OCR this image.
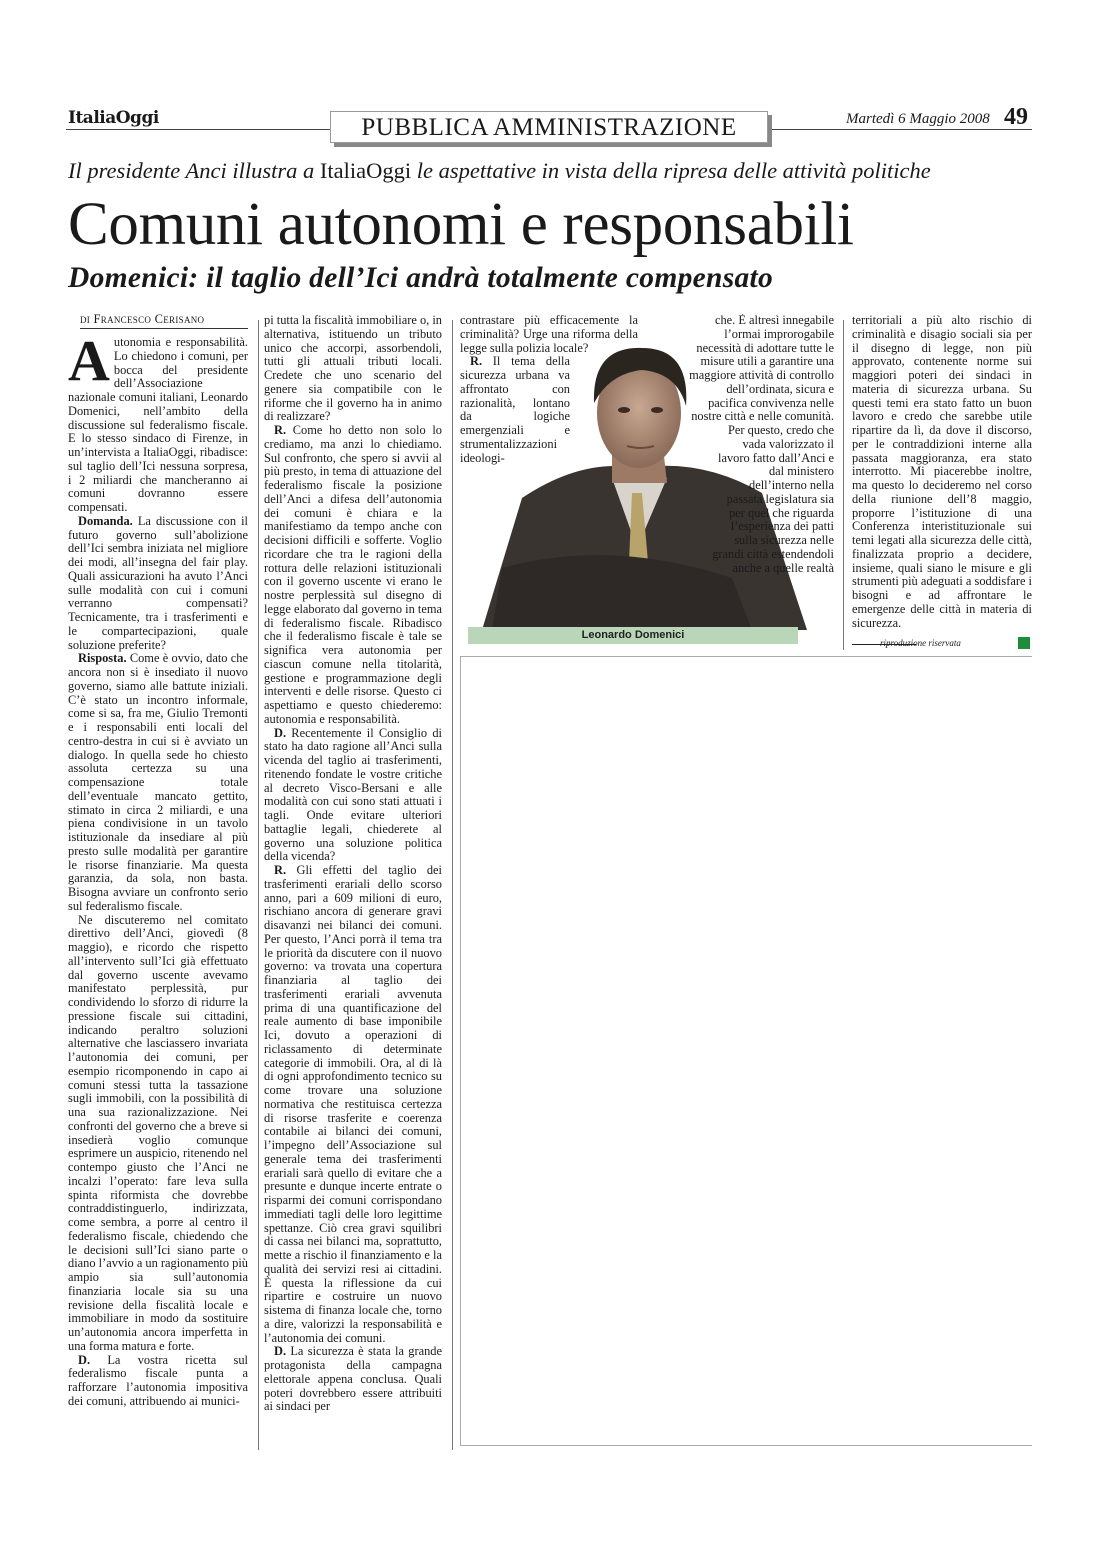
ItaliaOggi	PUBBLICA AMMINISTRAZIONE	Martedì 6 Maggio 2008 49
Il presidente Anci illustra a ItaliaOggi le aspettative in vista della ripresa delle attività politiche
Comuni autonomi e responsabili
Domenici: il taglio dell’Ici andrà totalmente compensato
di Francesco Cerisano
A utonomia e responsabilità. Lo chiedono i comuni, per bocca del presidente dell’Associazione nazionale comuni italiani, Leonardo Domenici, nell’ambito della discussione sul federalismo fiscale. E lo stesso sindaco di Firenze, in un’intervista a ItaliaOggi, ribadisce: sul taglio dell’Ici nessuna sorpresa, i 2 miliardi che mancheranno ai comuni dovranno essere compensati.

Domanda. La discussione con il futuro governo sull’abolizione dell’Ici sembra iniziata nel migliore dei modi, all’insegna del fair play. Quali assicurazioni ha avuto l’Anci sulle modalità con cui i comuni verranno compensati? Tecnicamente, tra i trasferimenti e le compartecipazioni, quale soluzione preferite?

Risposta. Come è ovvio, dato che ancora non si è insediato il nuovo governo, siamo alle battute iniziali. C’è stato un incontro informale, come si sa, fra me, Giulio Tremonti e i responsabili enti locali del centro-destra in cui si è avviato un dialogo. In quella sede ho chiesto assoluta certezza su una compensazione totale dell’eventuale mancato gettito, stimato in circa 2 miliardi, e una piena condivisione in un tavolo istituzionale da insediare al più presto sulle modalità per garantire le risorse finanziarie. Ma questa garanzia, da sola, non basta. Bisogna avviare un confronto serio sul federalismo fiscale.

Ne discuteremo nel comitato direttivo dell’Anci, giovedì (8 maggio), e ricordo che rispetto all’intervento sull’Ici già effettuato dal governo uscente avevamo manifestato perplessità, pur condividendo lo sforzo di ridurre la pressione fiscale sui cittadini, indicando peraltro soluzioni alternative che lasciassero invariata l’autonomia dei comuni, per esempio ricomponendo in capo ai comuni stessi tutta la tassazione sugli immobili, con la possibilità di una sua razionalizzazione. Nei confronti del governo che a breve si insedierà voglio comunque esprimere un auspicio, ritenendo nel contempo giusto che l’Anci ne incalzi l’operato: fare leva sulla spinta riformista che dovrebbe contraddistinguerlo, indirizzata, come sembra, a porre al centro il federalismo fiscale, chiedendo che le decisioni sull’Ici siano parte o diano l’avvio a un ragionamento più ampio sia sull’autonomia finanziaria locale sia su una revisione della fiscalità locale e immobiliare in modo da sostituire un’autonomia ancora imperfetta in una forma matura e forte.

D. La vostra ricetta sul federalismo fiscale punta a rafforzare l’autonomia impositiva dei comuni, attribuendo ai munici-

pi tutta la fiscalità immobiliare o, in alternativa, istituendo un tributo unico che accorpi, assorbendoli, tutti gli attuali tributi locali. Credete che uno scenario del genere sia compatibile con le riforme che il governo ha in animo di realizzare?

R. Come ho detto non solo lo crediamo, ma anzi lo chiediamo. Sul confronto, che spero si avvii al più presto, in tema di attuazione del federalismo fiscale la posizione dell’Anci a difesa dell’autonomia dei comuni è chiara e la manifestiamo da tempo anche con decisioni difficili e sofferte. Voglio ricordare che tra le ragioni della rottura delle relazioni istituzionali con il governo uscente vi erano le nostre perplessità sul disegno di legge elaborato dal governo in tema di federalismo fiscale. Ribadisco che il federalismo fiscale è tale se significa vera autonomia per ciascun comune nella titolarità, gestione e programmazione degli interventi e delle risorse. Questo ci aspettiamo e questo chiederemo: autonomia e responsabilità.

D. Recentemente il Consiglio di stato ha dato ragione all’Anci sulla vicenda del taglio ai trasferimenti, ritenendo fondate le vostre critiche al decreto Visco-Bersani e alle modalità con cui sono stati attuati i tagli. Onde evitare ulteriori battaglie legali, chiederete al governo una soluzione politica della vicenda?

R. Gli effetti del taglio dei trasferimenti erariali dello scorso anno, pari a 609 milioni di euro, rischiano ancora di generare gravi disavanzi nei bilanci dei comuni. Per questo, l’Anci porrà il tema tra le priorità da discutere con il nuovo governo: va trovata una copertura finanziaria al taglio dei trasferimenti erariali avvenuta prima di una quantificazione del reale aumento di base imponibile Ici, dovuto a operazioni di riclassamento di determinate categorie di immobili. Ora, al di là di ogni approfondimento tecnico su come trovare una soluzione normativa che restituisca certezza di risorse trasferite e coerenza contabile ai bilanci dei comuni, l’impegno dell’Associazione sul generale tema dei trasferimenti erariali sarà quello di evitare che a presunte e dunque incerte entrate o risparmi dei comuni corrispondano immediati tagli delle loro legittime spettanze. Ciò crea gravi squilibri di cassa nei bilanci ma, soprattutto, mette a rischio il finanziamento e la qualità dei servizi resi ai cittadini. È questa la riflessione da cui ripartire e costruire un nuovo sistema di finanza locale che, torno a dire, valorizzi la responsabilità e l’autonomia dei comuni.

D. La sicurezza è stata la grande protagonista della campagna elettorale appena conclusa. Quali poteri dovrebbero essere attribuiti ai sindaci per

Leonardo Domenici

contrastare più efficacemente la criminalità? Urge una riforma della legge sulla polizia locale?

R. Il tema della sicurezza urbana va affrontato con razionalità, lontano da logiche emergenziali e strumentalizzazioni ideologi-

che. È altresì innegabile l’ormai improrogabile necessità di adottare tutte le misure utili a garantire una maggiore attività di controllo dell’ordinata, sicura e pacifica convivenza nelle nostre città e nelle comunità.

Per questo, credo che vada valorizzato il lavoro fatto dall’Anci e dal ministero dell’interno nella passata legislatura sia per quel che riguarda l’esperienza dei patti sulla sicurezza nelle grandi città estendendoli anche a quelle realtà

territoriali a più alto rischio di criminalità e disagio sociali sia per il disegno di legge, non più approvato, contenente norme sui maggiori poteri dei sindaci in materia di sicurezza urbana. Su questi temi era stato fatto un buon lavoro e credo che sarebbe utile ripartire da lì, da dove il discorso, per le contraddizioni interne alla passata maggioranza, era stato interrotto. Mi piacerebbe inoltre, ma questo lo decideremo nel corso della riunione dell’8 maggio, proporre l’istituzione di una Conferenza interistituzionale sui temi legati alla sicurezza delle città, finalizzata proprio a decidere, insieme, quali siano le misure e gli strumenti più adeguati a soddisfare i bisogni e ad affrontare le emergenze delle città in materia di sicurezza.

riproduzione riservata
